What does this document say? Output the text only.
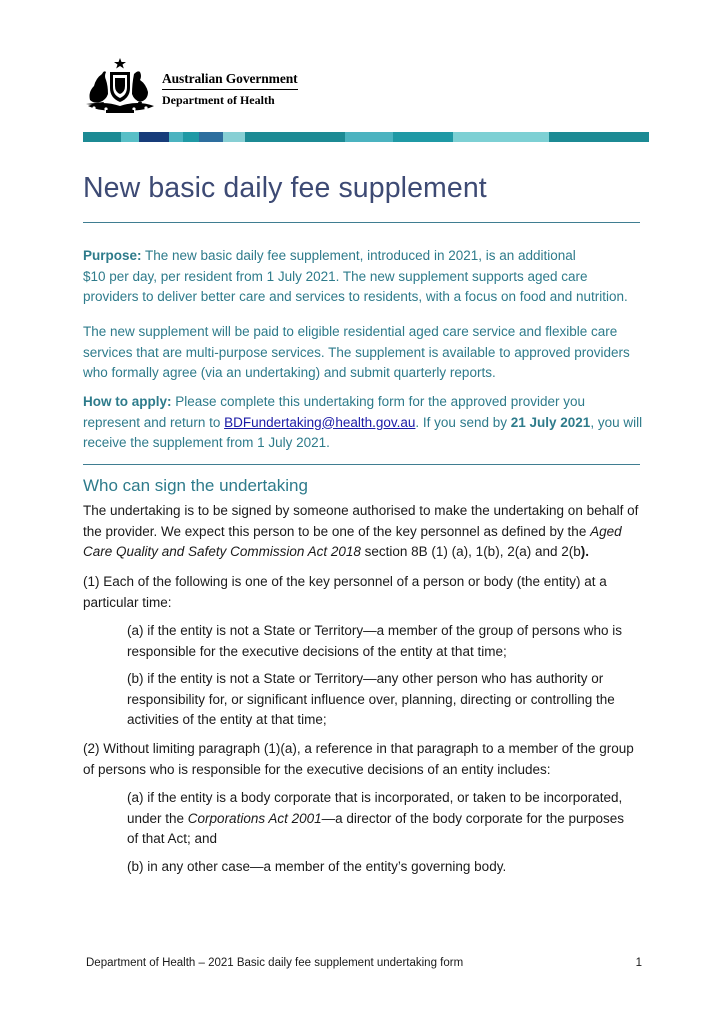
Australian Government
Department of Health
New basic daily fee supplement

Purpose: The new basic daily fee supplement, introduced in 2021, is an additional
$10 per day, per resident from 1 July 2021. The new supplement supports aged care
providers to deliver better care and services to residents, with a focus on food and nutrition.

The new supplement will be paid to eligible residential aged care service and flexible care services that are multi-purpose services. The supplement is available to approved providers who formally agree (via an undertaking) and submit quarterly reports.

How to apply: Please complete this undertaking form for the approved provider you represent and return to BDFundertaking@health.gov.au. If you send by 21 July 2021, you will receive the supplement from 1 July 2021.

Who can sign the undertaking

The undertaking is to be signed by someone authorised to make the undertaking on behalf of the provider. We expect this person to be one of the key personnel as defined by the Aged Care Quality and Safety Commission Act 2018 section 8B (1) (a), 1(b), 2(a) and 2(b).

(1) Each of the following is one of the key personnel of a person or body (the entity) at a particular time:

(a) if the entity is not a State or Territory—a member of the group of persons who is responsible for the executive decisions of the entity at that time;

(b) if the entity is not a State or Territory—any other person who has authority or responsibility for, or significant influence over, planning, directing or controlling the activities of the entity at that time;

(2) Without limiting paragraph (1)(a), a reference in that paragraph to a member of the group of persons who is responsible for the executive decisions of an entity includes:

(a) if the entity is a body corporate that is incorporated, or taken to be incorporated, under the Corporations Act 2001—a director of the body corporate for the purposes of that Act; and

(b) in any other case—a member of the entity’s governing body.

Department of Health – 2021 Basic daily fee supplement undertaking form	1
